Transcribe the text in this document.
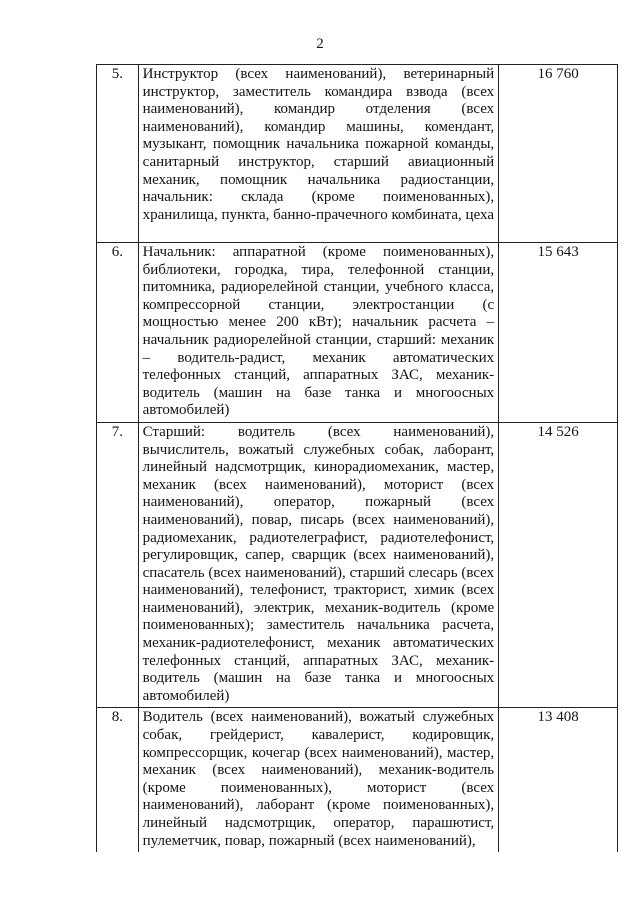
2
5.	Инструктор (всех наименований), ветеринарный инструктор, заместитель командира взвода (всех наименований), командир отделения (всех наименований), командир машины, комендант, музыкант, помощник начальника пожарной команды, санитарный инструктор, старший авиационный механик, помощник начальника радиостанции, начальник: склада (кроме поименованных), хранилища, пункта, банно-прачечного комбината, цеха	16 760
6.	Начальник: аппаратной (кроме поименованных), библиотеки, городка, тира, телефонной станции, питомника, радиорелейной станции, учебного класса, компрессорной станции, электростанции (с мощностью менее 200 кВт); начальник расчета – начальник радиорелейной станции, старший: механик – водитель-радист, механик автоматических телефонных станций, аппаратных ЗАС, механик-водитель (машин на базе танка и многоосных автомобилей)	15 643
7.	Старший: водитель (всех наименований), вычислитель, вожатый служебных собак, лаборант, линейный надсмотрщик, кинорадиомеханик, мастер, механик (всех наименований), моторист (всех наименований), оператор, пожарный (всех наименований), повар, писарь (всех наименований), радиомеханик, радиотелеграфист, радиотелефонист, регулировщик, сапер, сварщик (всех наименований), спасатель (всех наименований), старший слесарь (всех наименований), телефонист, тракторист, химик (всех наименований), электрик, механик-водитель (кроме поименованных); заместитель начальника расчета, механик-радиотелефонист, механик автоматических телефонных станций, аппаратных ЗАС, механик-водитель (машин на базе танка и многоосных автомобилей)	14 526
8.	Водитель (всех наименований), вожатый служебных собак, грейдерист, кавалерист, кодировщик, компрессорщик, кочегар (всех наименований), мастер, механик (всех наименований), механик-водитель (кроме поименованных), моторист (всех наименований), лаборант (кроме поименованных), линейный надсмотрщик, оператор, парашютист, пулеметчик, повар, пожарный (всех наименований),	13 408
